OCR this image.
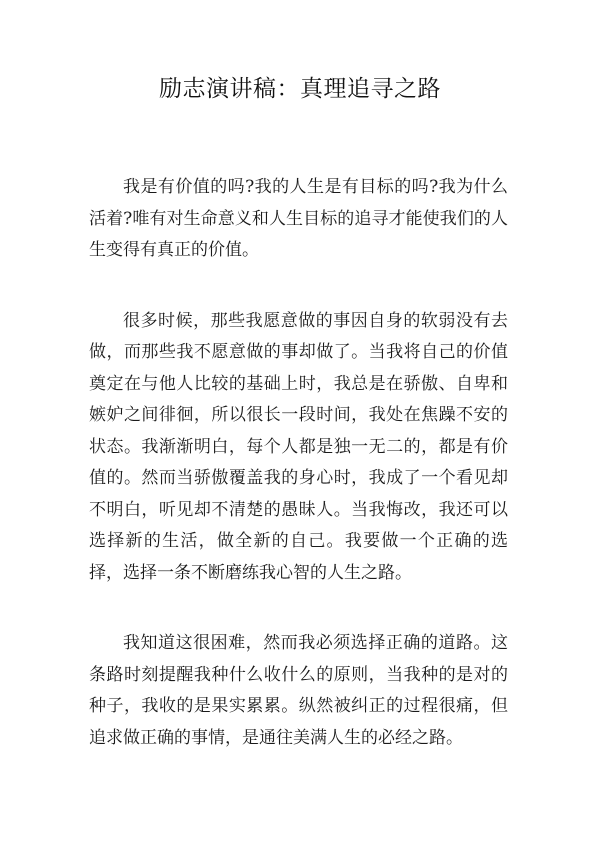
励志演讲稿：真理追寻之路

我是有价值的吗?我的人生是有目标的吗?我为什么活着?唯有对生命意义和人生目标的追寻才能使我们的人生变得有真正的价值。

很多时候，那些我愿意做的事因自身的软弱没有去做，而那些我不愿意做的事却做了。当我将自己的价值奠定在与他人比较的基础上时，我总是在骄傲、自卑和嫉妒之间徘徊，所以很长一段时间，我处在焦躁不安的状态。我渐渐明白，每个人都是独一无二的，都是有价值的。然而当骄傲覆盖我的身心时，我成了一个看见却不明白，听见却不清楚的愚昧人。当我悔改，我还可以选择新的生活，做全新的自己。我要做一个正确的选择，选择一条不断磨练我心智的人生之路。

我知道这很困难，然而我必须选择正确的道路。这条路时刻提醒我种什么收什么的原则，当我种的是对的种子，我收的是果实累累。纵然被纠正的过程很痛，但追求做正确的事情，是通往美满人生的必经之路。
